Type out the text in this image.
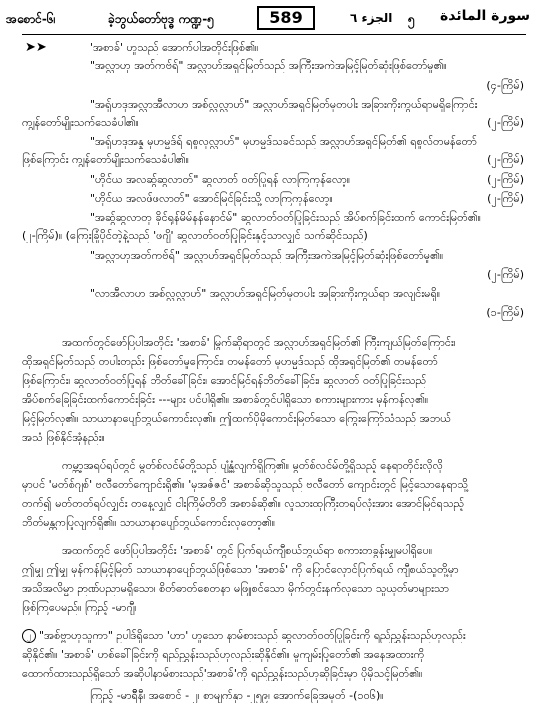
အစောင်-၆၊	ခဲ့ဘွယ်တော်ဗုဒ္ဓ ကဏ္ဍ-၅	589	الجزء ٦ ၅ سورة المائدة
➤➤	'အစာခ်' ဟူသည် အောက်ပါအတိုင်းဖြစ်၏။
"အလ္လာဟု အတ်ကဗ်ရ်" အလ္လာဟ်အရှင်မြတ်သည် အကြီးအကဲအမြင့်မြတ်ဆုံးဖြစ်တော်မူ၏။
(၄-ကြိမ်)
"အရှ်ဟဒုအလ္လာအီလာဟ အစ်လ္လလ္လာဟ်" အလ္လာဟ်အရှင်မြတ်မှတပါး အခြားကိုးကွယ်ရာမရှိကြောင်း
ကျွန်တော်မျိုးသက်သေခံပါ၏။	(၂-ကြိမ်)
"အရှ်ဟဒုအန္န မုဟမ္မဒ်ရ် ရစူလုလ္လာဟ်" မုဟမ္မဒ်သခင်သည် အလ္လာဟ်အရှင်မြတ်၏ ရစူလ်တမန်တော်
ဖြစ်ကြောင်း ကျွန်တော်မျိုးသက်သေခံပါ၏။	(၂-ကြိမ်)
"ဟိုင်ယ အလဆွ်ဆွလာတ်" ဆွလာတ် ဝတ်ပြုရန် လာကြကုန်လော့။	(၂-ကြိမ်)
"ဟိုင်ယ အလဖ်ဖလာတ်" အောင်မြင်ခြင်းသို့ လာကြကုန်လော့။	(၂-ကြိမ်)
"အဆွ်ဆွလာတု ခိုင်ရုန်မိမ်နန်နောင်မ်" ဆွလာတ်ဝတ်ပြုခြင်းသည် အိပ်စက်ခြင်းထက် ကောင်းမြတ်၏။
(၂-ကြိမ်)။ (ကြေးခြုံပိုင်တဲ့နဲ့သည် 'ဖဂျိ' ဆွလာတ်ဝတ်ပြုခြင်းနှင့်သာလျှင် သက်ဆိုင်သည်)
"အလ္လာဟုအတ်ကဗ်ရ်" အလ္လာဟ်အရှင်မြတ်သည် အကြီးအကဲအမြင့်မြတ်ဆုံးဖြစ်တော်မူ၏။
(၂-ကြိမ်)
"လာအီလာဟ အစ်လ္လလ္လာဟ်" အလ္လာဟ်အရှင်မြတ်မှတပါး အခြားကိုးကွယ်ရာ အလျင်းမရှိ။
(၁-ကြိမ်)
အထက်တွင်ဖော်ပြပါအတိုင်း 'အစာခ်' မြွက်ဆိုရာတွင် အလ္လာဟ်အရှင်မြတ်၏ ကြီးကျယ်မြတ်ကြောင်း၊
ထိုအရှင်မြတ်သည် တပါးတည်း ဖြစ်တော်မူကြောင်း၊ တမန်တော် မုဟမ္မဒ်သည် ထိုအရှင်မြတ်၏ တမန်တော်
ဖြစ်ကြောင်း၊ ဆွလာတ်ဝတ်ပြုရန် ဘိတ်ခေါ်ခြင်း၊ အောင်မြင်ရန်ဘိတ်ခေါ်ခြင်း၊ ဆွလာတ် ဝတ်ပြုခြင်းသည်
အိပ်စက်ခြေခြင်းထက်ကောင်းခြင်း ---များ ပင်ပါရှိ၏။ အစာခ်တွင်ပါရှိသော စကားများကား မှန်ကန်လှ၏။
မြင့်မြတ်လှ၏။ သာယာနာပျော်ဘွယ်ကောင်းလှ၏။ ဤထက်ပိုမိုကောင်းမြတ်သော ကြွေးကြော်သံသည် အဘယ်
အသံ ဖြစ်နိုင်အုံနည်း။
ကမ္ဘာ့အရပ်ရပ်တွင် မွတ်စ်လင်မ်တို့သည် ပျံ့နှံ့လျက်ရှိကြ၏။ မွတ်စ်လင်မ်တို့ရှိသည့် နေရာတိုင်းလိုလို
မှာပင် 'မတ်စ်ဂျစ်' ဗလီတော်ကျောင်းရှိ၏။ 'မုအဇ်ဇင်' အစာခ်ဆိုသူသည် ဗလီတော် ကျောင်းတွင် မြင့်သောနေရာသို့
တက်၍ မတ်တတ်ရပ်လျှင်း တနေ့လျှင် ငါးကြိမ်တိတိ အစာခ်ဆို၏။ လူသားထုကြီးတရပ်လုံးအား အောင်မြင်ရသည့်
ဘိတ်မန္တကပြုလျက်ရှိ၏။ သာယာနာပျော်ဘွယ်ကောင်းလှတော့၏။
အထက်တွင် ဖော်ပြပါအတိုင်း 'အစာခ်' တွင် ပြက်ရယ်ကျီစယ်ဘွယ်ရာ စကားတခွန်းမျှမပါရှိပေ။
ဤမျှ ဤမျှ မှန်ကန်မြင့်မြတ် သာယာနာပျော်ဘွယ်ဖြစ်သော 'အစာခ်' ကို ပြောင်လှောင်ပြက်ရယ် ကျီစယ်သူတို့မှာ
အသိအလိမ္မာ ဉာဏ်ပညာမရှိသော၊ စိတ်ဓာတ်စေတနာ မဖြူစင်သော မိုက်တွင်းနက်လှသော သူယုတ်မာများသာ
ဖြစ်ကြပေမည်။ ကြည့် -မာဂျီ၊
၂ "အစ်ဗ္ဗာဟုသူကာ" ဥပါဒ်ရှိသော 'ဟာ' ဟူသော နာမ်စားသည် ဆွလာတ်ဝတ်ပြုခြင်းကို ရည်ညွှန်းသည်ဟုလည်း
ဆိုနိုင်၏။ 'အစာခ်' ဟစ်ခေါ်ခြင်းကို ရည်ညွှန်းသည်ဟုလည်းဆိုနိုင်၏။ မူကျမ်းပြုတော်၏ အနေအထားကို
ထောက်ထားသည်ရှိသော် အဆိုပါနာမ်စားသည်'အစာခ်'ကို ရည်ညွှန်းသည်ဟုဆိုခြင်းမှာ ပိုမိုသင့်မြတ်၏။
ကြည့် -မာရိီနီ၊ အစောင် - ၂၊ စာမျက်နှာ -၂၅၉၊ အောက်ခြေအမှတ် -(၁၀၆)။
